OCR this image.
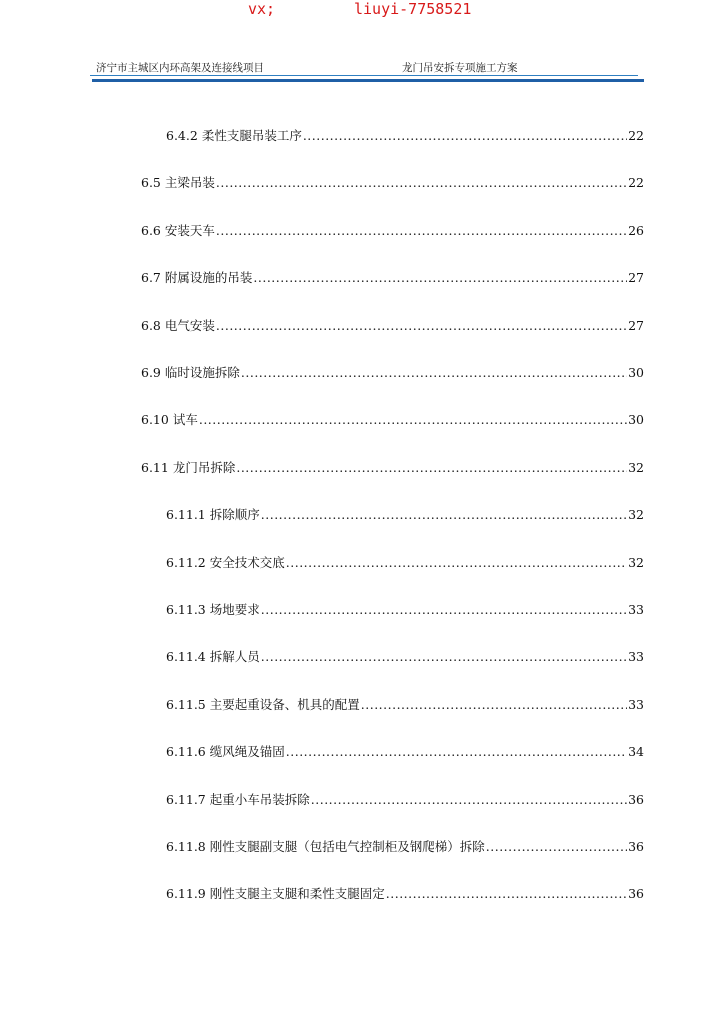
vx;

	liuyi-7758521

济宁市主城区内环高架及连接线项目	龙门吊安拆专项施工方案
6.4.2 柔性支腿吊装工序 .....	22
6.5 主梁吊装 .....	22
6.6 安装天车 .....	26
6.7 附属设施的吊装 .....	27
6.8 电气安装 .....	27
6.9 临时设施拆除 .....	30
6.10 试车 .....	30
6.11 龙门吊拆除 .....	32
6.11.1 拆除顺序 .....	32
6.11.2 安全技术交底 .....	32
6.11.3 场地要求 .....	33
6.11.4 拆解人员 .....	33
6.11.5 主要起重设备、机具的配置 .....	33
6.11.6 缆风绳及锚固 .....	34
6.11.7 起重小车吊装拆除 .....	36
6.11.8 刚性支腿副支腿（包括电气控制柜及钢爬梯）拆除 .....	36
6.11.9 刚性支腿主支腿和柔性支腿固定 .....	36
